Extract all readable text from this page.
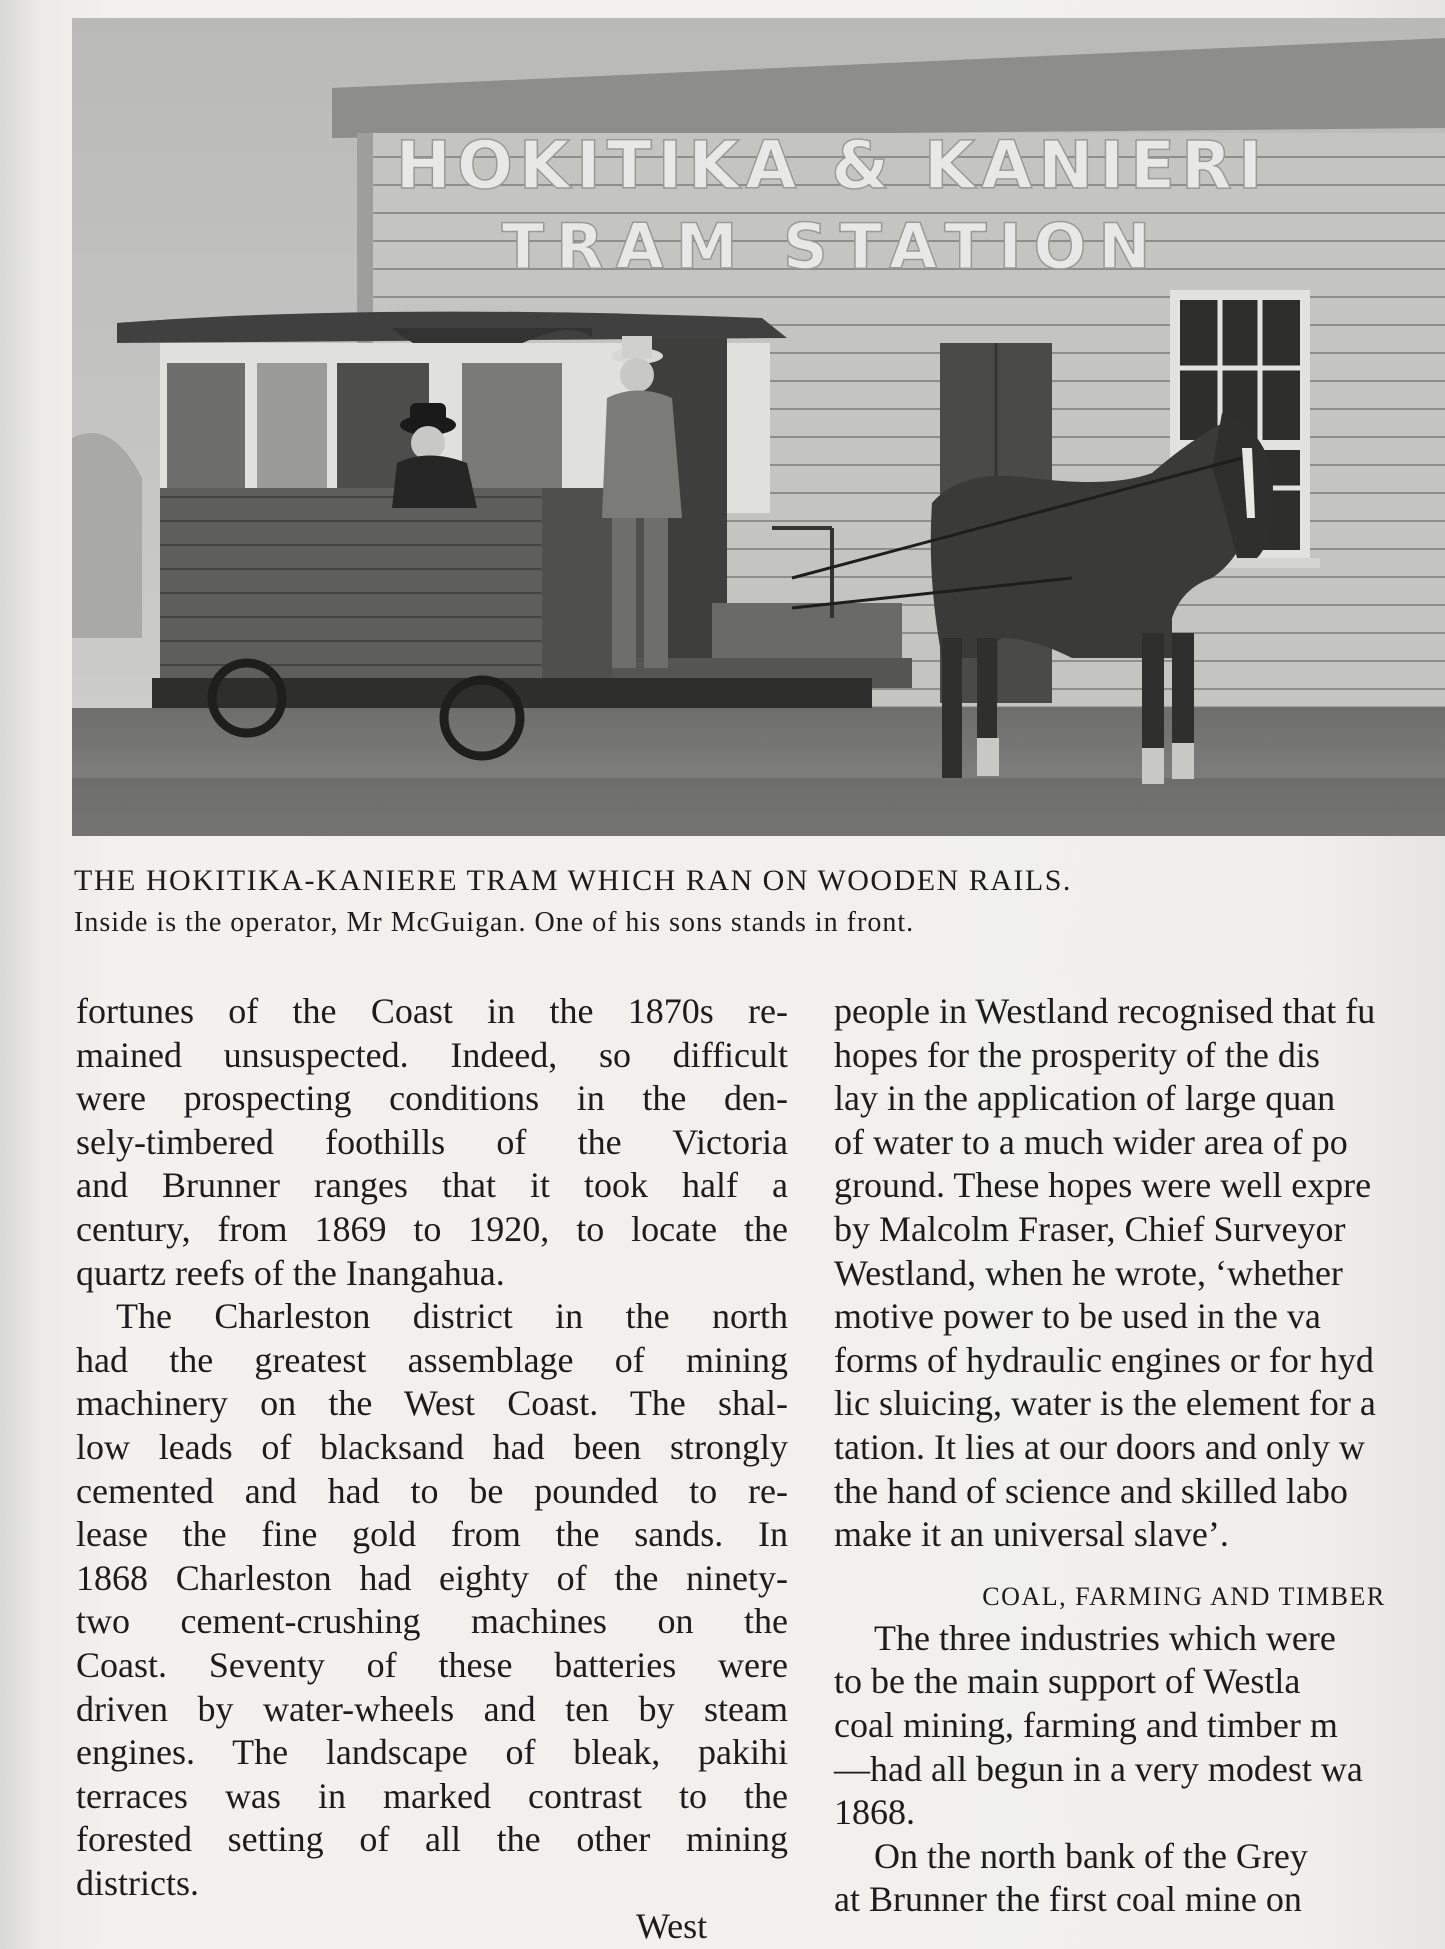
HOKITIKA & KANIERI
TRAM STATION
THE HOKITIKA-KANIERE TRAM WHICH RAN ON WOODEN RAILS.
Inside is the operator, Mr McGuigan. One of his sons stands in front.
fortunes of the Coast in the 1870s re-
mained unsuspected. Indeed, so difficult
were prospecting conditions in the den-
sely-timbered foothills of the Victoria
and Brunner ranges that it took half a
century, from 1869 to 1920, to locate the
quartz reefs of the Inangahua.
The Charleston district in the north
had the greatest assemblage of mining
machinery on the West Coast. The shal-
low leads of blacksand had been strongly
cemented and had to be pounded to re-
lease the fine gold from the sands. In
1868 Charleston had eighty of the ninety-
two cement-crushing machines on the
Coast. Seventy of these batteries were
driven by water-wheels and ten by steam
engines. The landscape of bleak, pakihi
terraces was in marked contrast to the
forested setting of all the other mining
districts.
West
people in Westland recognised that fu
hopes for the prosperity of the dis
lay in the application of large quan
of water to a much wider area of po
ground. These hopes were well expre
by Malcolm Fraser, Chief Surveyor
Westland, when he wrote, ‘whether
motive power to be used in the va
forms of hydraulic engines or for hyd
lic sluicing, water is the element for a
tation. It lies at our doors and only w
the hand of science and skilled labo
make it an universal slave’.
COAL, FARMING AND TIMBER
The three industries which were
to be the main support of Westla
coal mining, farming and timber m
—had all begun in a very modest wa
1868.
On the north bank of the Grey
at Brunner the first coal mine on
